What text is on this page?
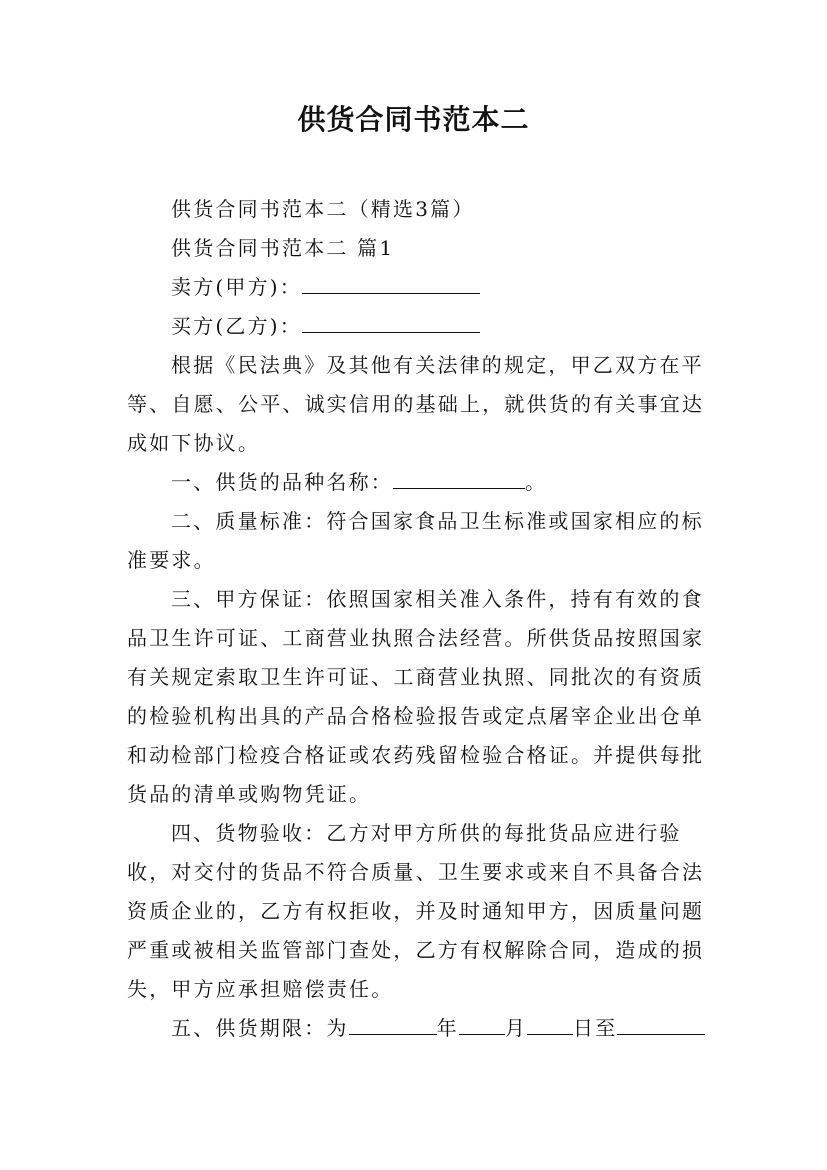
供货合同书范本二

供货合同书范本二（精选3篇）

供货合同书范本二 篇1

卖方(甲方)：

买方(乙方)：

根据《民法典》及其他有关法律的规定，甲乙双方在平等、自愿、公平、诚实信用的基础上，就供货的有关事宜达成如下协议。

一、供货的品种名称：	。

二、质量标准：符合国家食品卫生标准或国家相应的标准要求。

三、甲方保证：依照国家相关准入条件，持有有效的食品卫生许可证、工商营业执照合法经营。所供货品按照国家有关规定索取卫生许可证、工商营业执照、同批次的有资质的检验机构出具的产品合格检验报告或定点屠宰企业出仓单和动检部门检疫合格证或农药残留检验合格证。并提供每批货品的清单或购物凭证。

四、货物验收：乙方对甲方所供的每批货品应进行验收，对交付的货品不符合质量、卫生要求或来自不具备合法资质企业的，乙方有权拒收，并及时通知甲方，因质量问题严重或被相关监管部门查处，乙方有权解除合同，造成的损失，甲方应承担赔偿责任。

五、供货期限：为	年 月 日至
